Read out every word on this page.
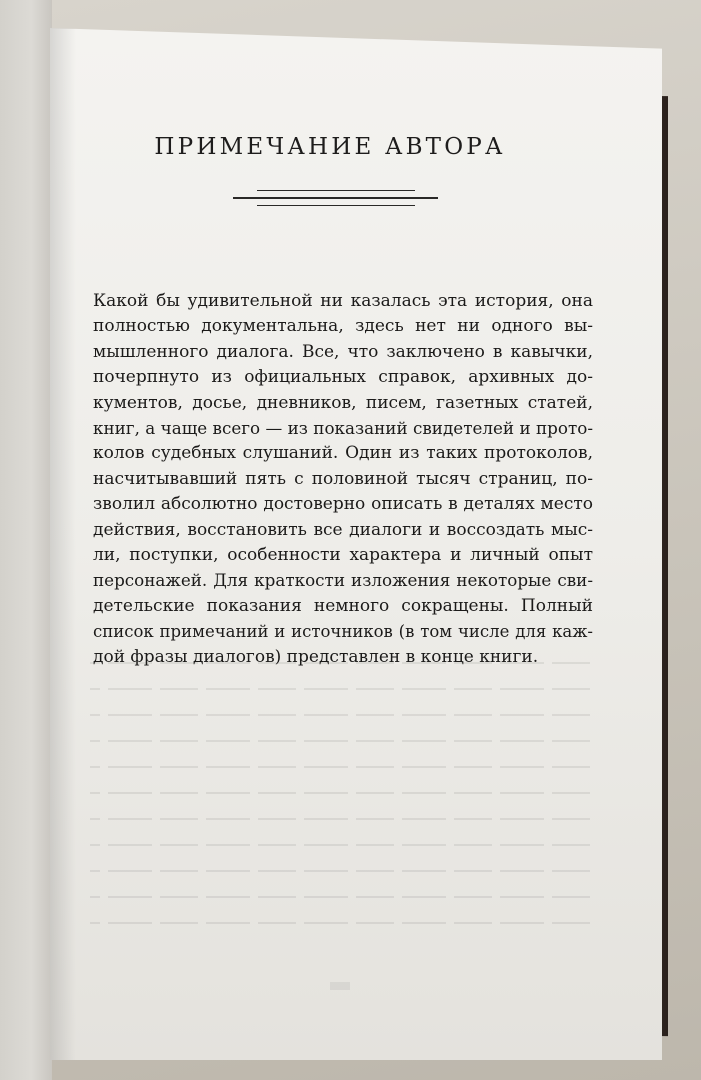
ПРИМЕЧАНИЕ АВТОРА
Какой бы удивительной ни казалась эта история, она
полностью документальна, здесь нет ни одного вы-
мышленного диалога. Все, что заключено в кавычки,
почерпнуто из официальных справок, архивных до-
кументов, досье, дневников, писем, газетных статей,
книг, а чаще всего — из показаний свидетелей и прото-
колов судебных слушаний. Один из таких протоколов,
насчитывавший пять с половиной тысяч страниц, по-
зволил абсолютно достоверно описать в деталях место
действия, восстановить все диалоги и воссоздать мыс-
ли, поступки, особенности характера и личный опыт
персонажей. Для краткости изложения некоторые сви-
детельские показания немного сокращены. Полный
список примечаний и источников (в том числе для каж-
дой фразы диалогов) представлен в конце книги.
